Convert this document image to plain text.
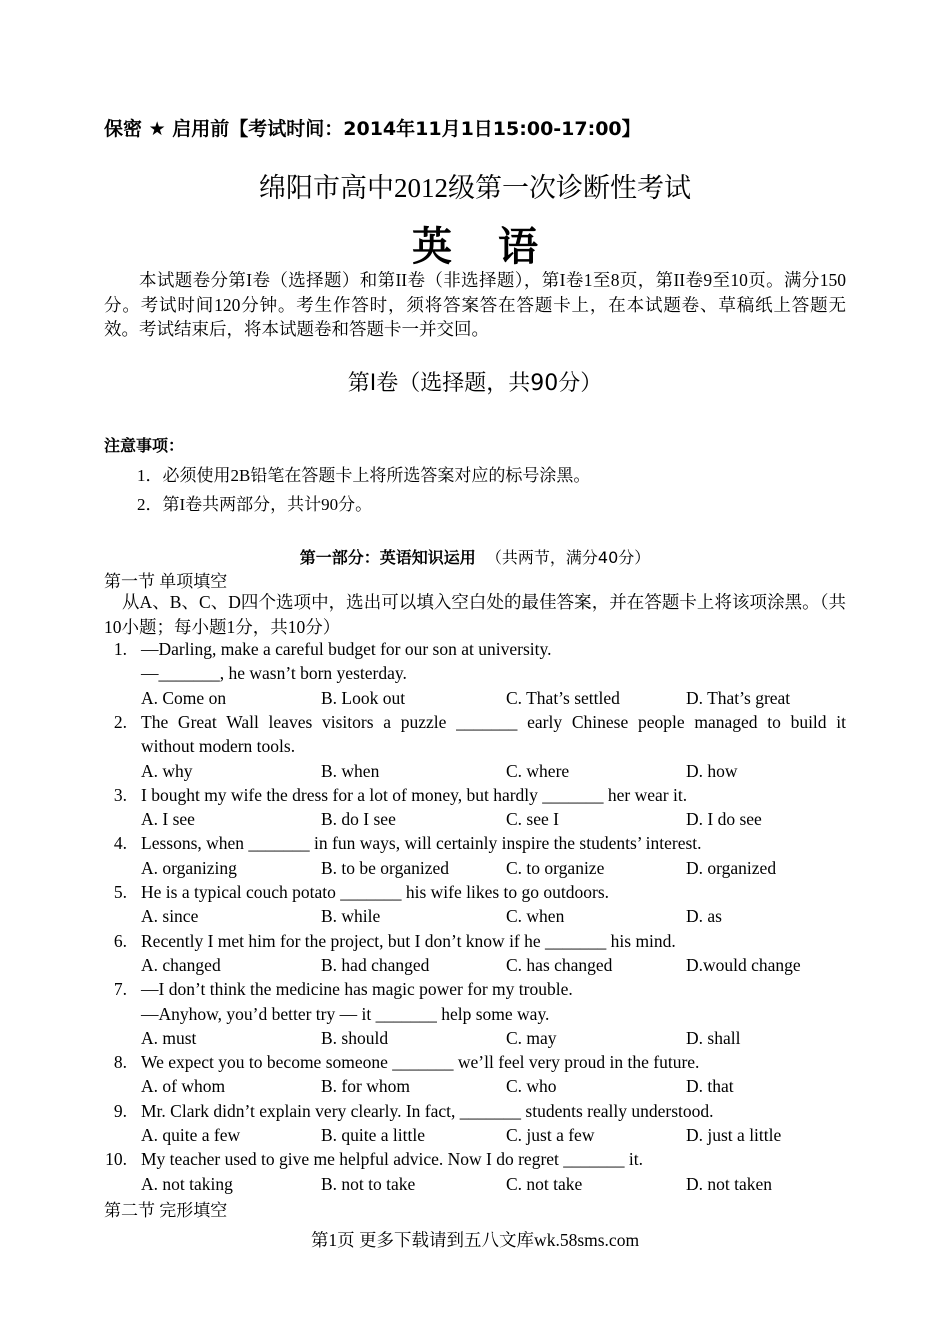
保密 ★ 启用前【考试时间：2014年11月1日15:00-17:00】
绵阳市高中2012级第一次诊断性考试
英语
本试题卷分第I卷（选择题）和第II卷（非选择题），第I卷1至8页，第II卷9至10页。满分150分。考试时间120分钟。考生作答时，须将答案答在答题卡上，在本试题卷、草稿纸上答题无效。考试结束后，将本试题卷和答题卡一并交回。
第Ⅰ卷（选择题，共90分）
注意事项：
1．必须使用2B铅笔在答题卡上将所选答案对应的标号涂黑。
2．第I卷共两部分，共计90分。
第一部分：英语知识运用 （共两节，满分40分）
第一节 单项填空
从A、B、C、D四个选项中，选出可以填入空白处的最佳答案，并在答题卡上将该项涂黑。（共10小题；每小题1分，共10分）
1. —Darling, make a careful budget for our son at university.
—_______, he wasn’t born yesterday.
A. Come on	B. Look out	C. That’s settled	D. That’s great
2. The Great Wall leaves visitors a puzzle _______ early Chinese people managed to build it
without modern tools.
A. why	B. when	C. where	D. how
3. I bought my wife the dress for a lot of money, but hardly _______ her wear it.
A. I see	B. do I see	C. see I	D. I do see
4. Lessons, when _______ in fun ways, will certainly inspire the students’ interest.
A. organizing	B. to be organized	C. to organize	D. organized
5. He is a typical couch potato _______ his wife likes to go outdoors.
A. since	B. while	C. when	D. as
6. Recently I met him for the project, but I don’t know if he _______ his mind.
A. changed	B. had changed	C. has changed	D.would change
7. —I don’t think the medicine has magic power for my trouble.
—Anyhow, you’d better try — it _______ help some way.
A. must	B. should	C. may	D. shall
8. We expect you to become someone _______ we’ll feel very proud in the future.
A. of whom	B. for whom	C. who	D. that
9. Mr. Clark didn’t explain very clearly. In fact, _______ students really understood.
A. quite a few	B. quite a little	C. just a few	D. just a little
10. My teacher used to give me helpful advice. Now I do regret _______ it.
A. not taking	B. not to take	C. not take	D. not taken
第二节 完形填空
第1页 更多下载请到五八文库wk.58sms.com
